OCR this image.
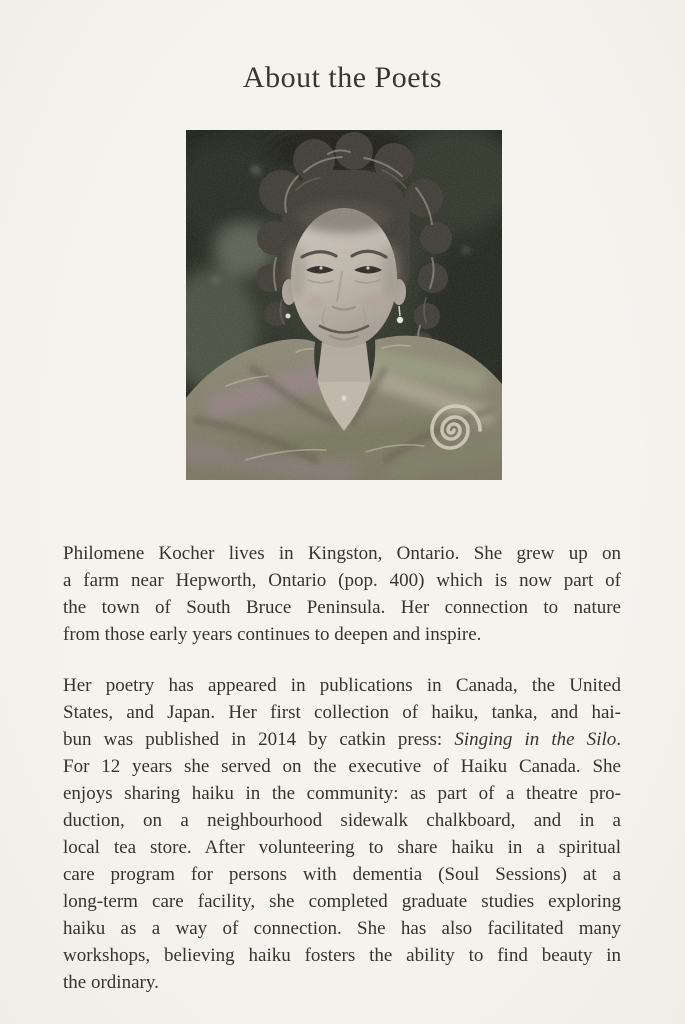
About the Poets
Philomene Kocher lives in Kingston, Ontario. She grew up on
a farm near Hepworth, Ontario (pop. 400) which is now part of
the town of South Bruce Peninsula. Her connection to nature
from those early years continues to deepen and inspire.
Her poetry has appeared in publications in Canada, the United
States, and Japan. Her first collection of haiku, tanka, and hai-
bun was published in 2014 by catkin press: Singing in the Silo.
For 12 years she served on the executive of Haiku Canada. She
enjoys sharing haiku in the community: as part of a theatre pro-
duction, on a neighbourhood sidewalk chalkboard, and in a
local tea store. After volunteering to share haiku in a spiritual
care program for persons with dementia (Soul Sessions) at a
long-term care facility, she completed graduate studies exploring
haiku as a way of connection. She has also facilitated many
workshops, believing haiku fosters the ability to find beauty in
the ordinary.
